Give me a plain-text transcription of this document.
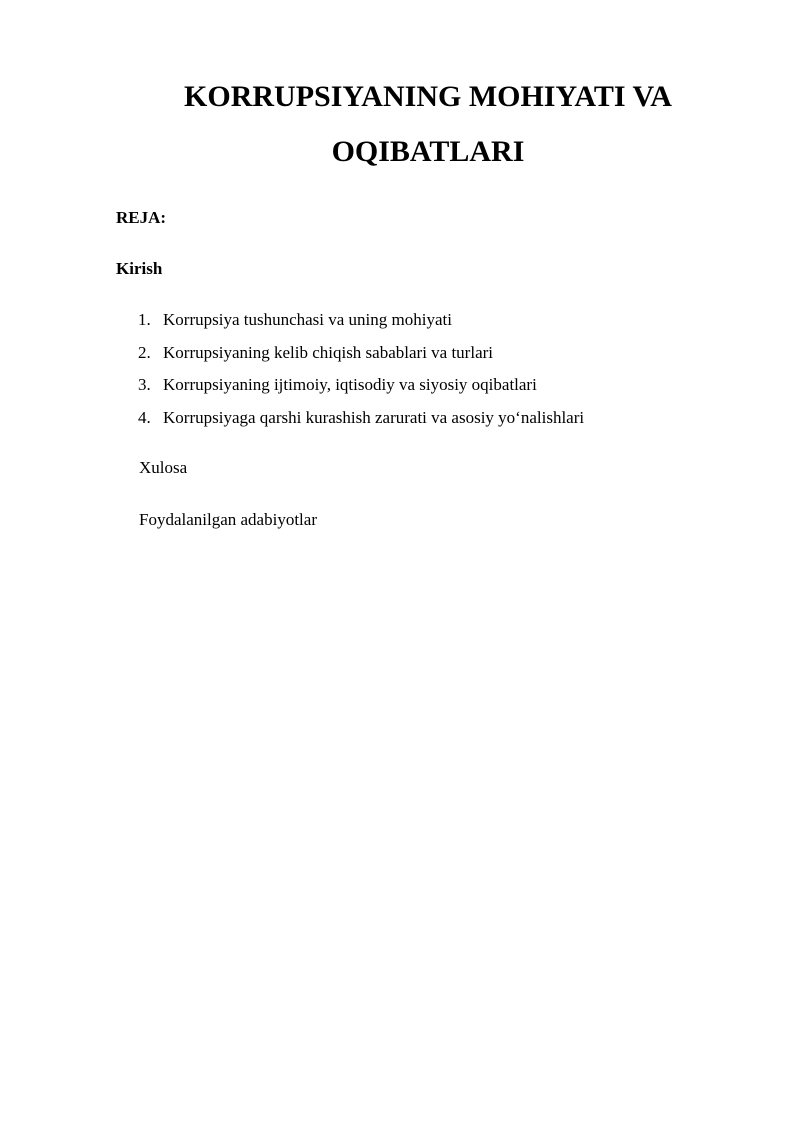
KORRUPSIYANING MOHIYATI VA
OQIBATLARI
REJA:
Kirish
1. Korrupsiya tushunchasi va uning mohiyati
2. Korrupsiyaning kelib chiqish sabablari va turlari
3. Korrupsiyaning ijtimoiy, iqtisodiy va siyosiy oqibatlari
4. Korrupsiyaga qarshi kurashish zarurati va asosiy yo‘nalishlari
Xulosa
Foydalanilgan adabiyotlar
